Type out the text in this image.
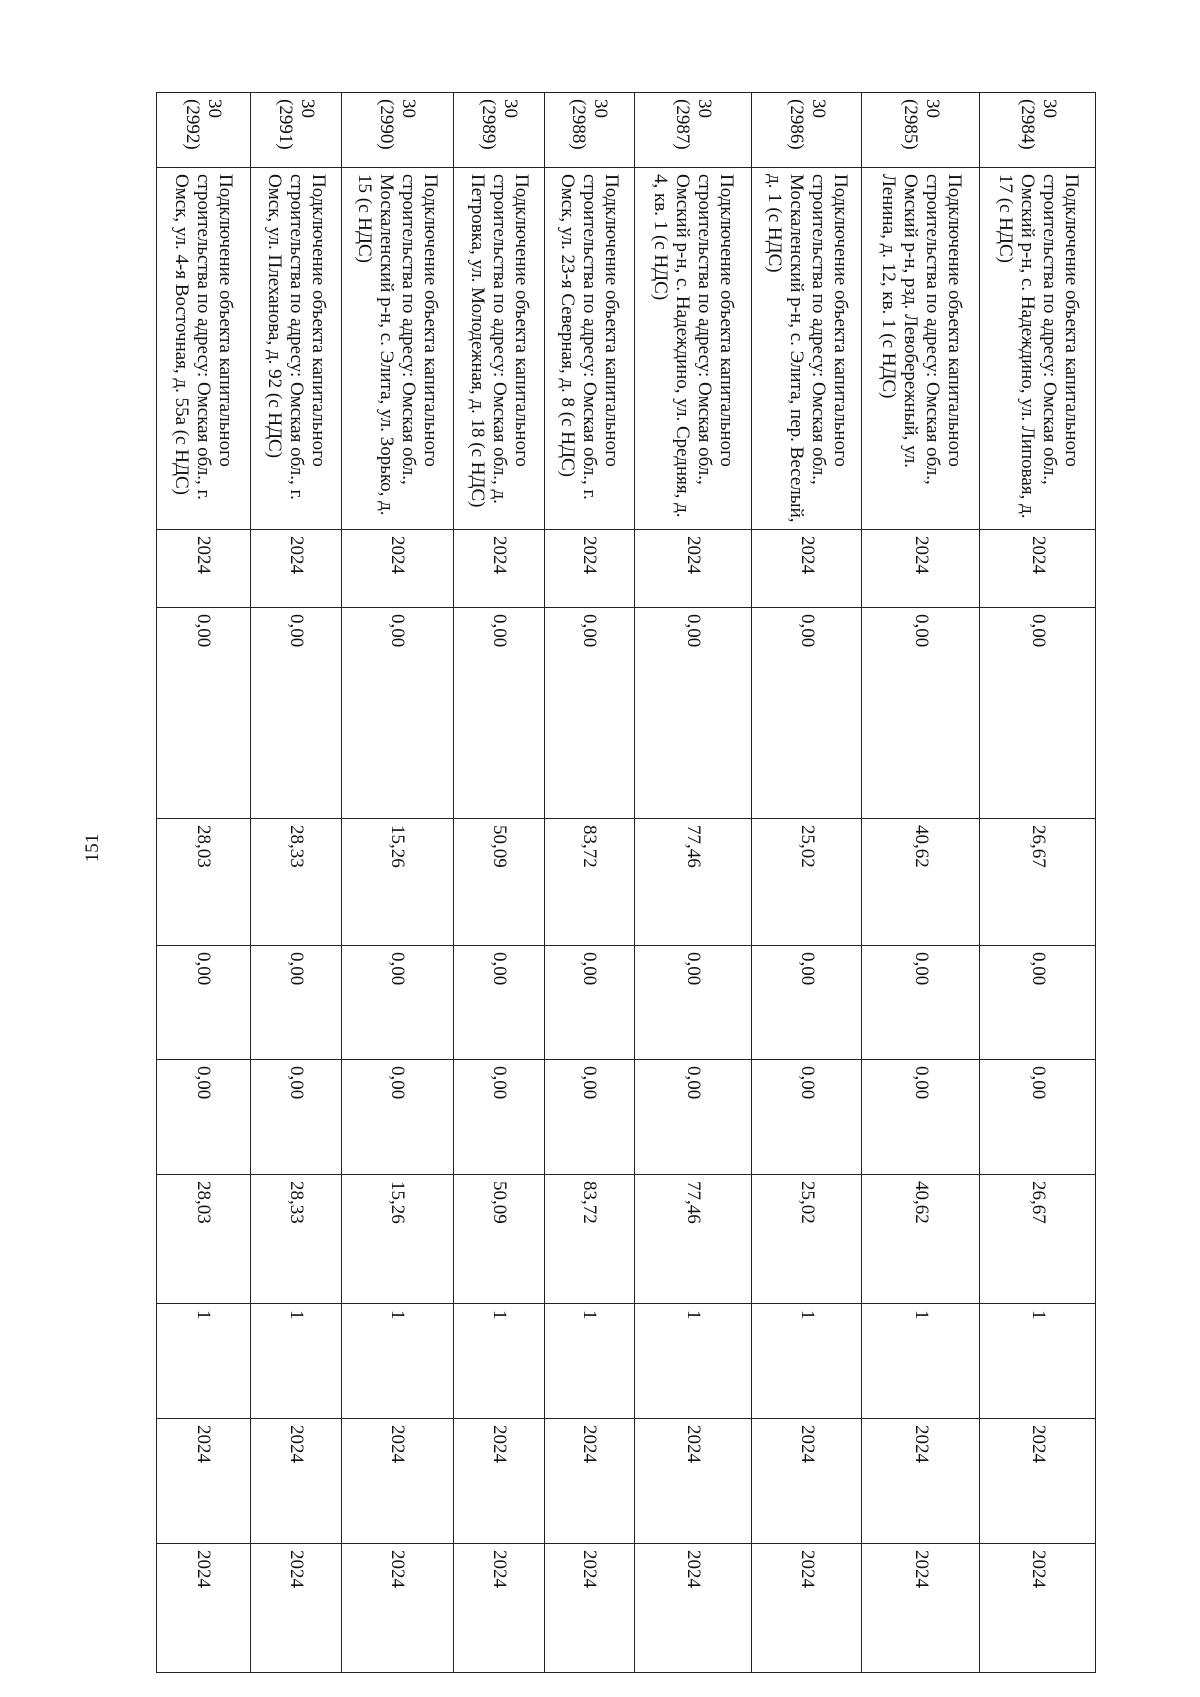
151
30
(2984)	Подключение объекта капитального строительства по адресу: Омская обл., Омский р-н, с. Надеждино, ул. Липовая, д. 17 (с НДС)	2024	0,00	26,67	0,00	0,00	26,67	1	2024	2024

30
(2985)	Подключение объекта капитального строительства по адресу: Омская обл., Омский р-н, рзд. Левобережный, ул. Ленина, д. 12, кв. 1 (с НДС)	2024	0,00	40,62	0,00	0,00	40,62	1	2024	2024

30
(2986)	Подключение объекта капитального строительства по адресу: Омская обл., Москаленский р-н, с. Элита, пер. Веселый, д. 1 (с НДС)	2024	0,00	25,02	0,00	0,00	25,02	1	2024	2024

30
(2987)	Подключение объекта капитального строительства по адресу: Омская обл., Омский р-н, с. Надеждино, ул. Средняя, д. 4, кв. 1 (с НДС)	2024	0,00	77,46	0,00	0,00	77,46	1	2024	2024

30
(2988)	Подключение объекта капитального строительства по адресу: Омская обл., г. Омск, ул. 23-я Северная, д. 8 (с НДС)	2024	0,00	83,72	0,00	0,00	83,72	1	2024	2024

30
(2989)	Подключение объекта капитального строительства по адресу: Омская обл., д. Петровка, ул. Молодежная, д. 18 (с НДС)	2024	0,00	50,09	0,00	0,00	50,09	1	2024	2024

30
(2990)	Подключение объекта капитального строительства по адресу: Омская обл., Москаленский р-н, с. Элита, ул. Зорько, д. 15 (с НДС)	2024	0,00	15,26	0,00	0,00	15,26	1	2024	2024

30
(2991)	Подключение объекта капитального строительства по адресу: Омская обл., г. Омск, ул. Плеханова, д. 92 (с НДС)	2024	0,00	28,33	0,00	0,00	28,33	1	2024	2024

30
(2992)	Подключение объекта капитального строительства по адресу: Омская обл., г. Омск, ул. 4-я Восточная, д. 55а (с НДС)	2024	0,00	28,03	0,00	0,00	28,03	1	2024	2024
